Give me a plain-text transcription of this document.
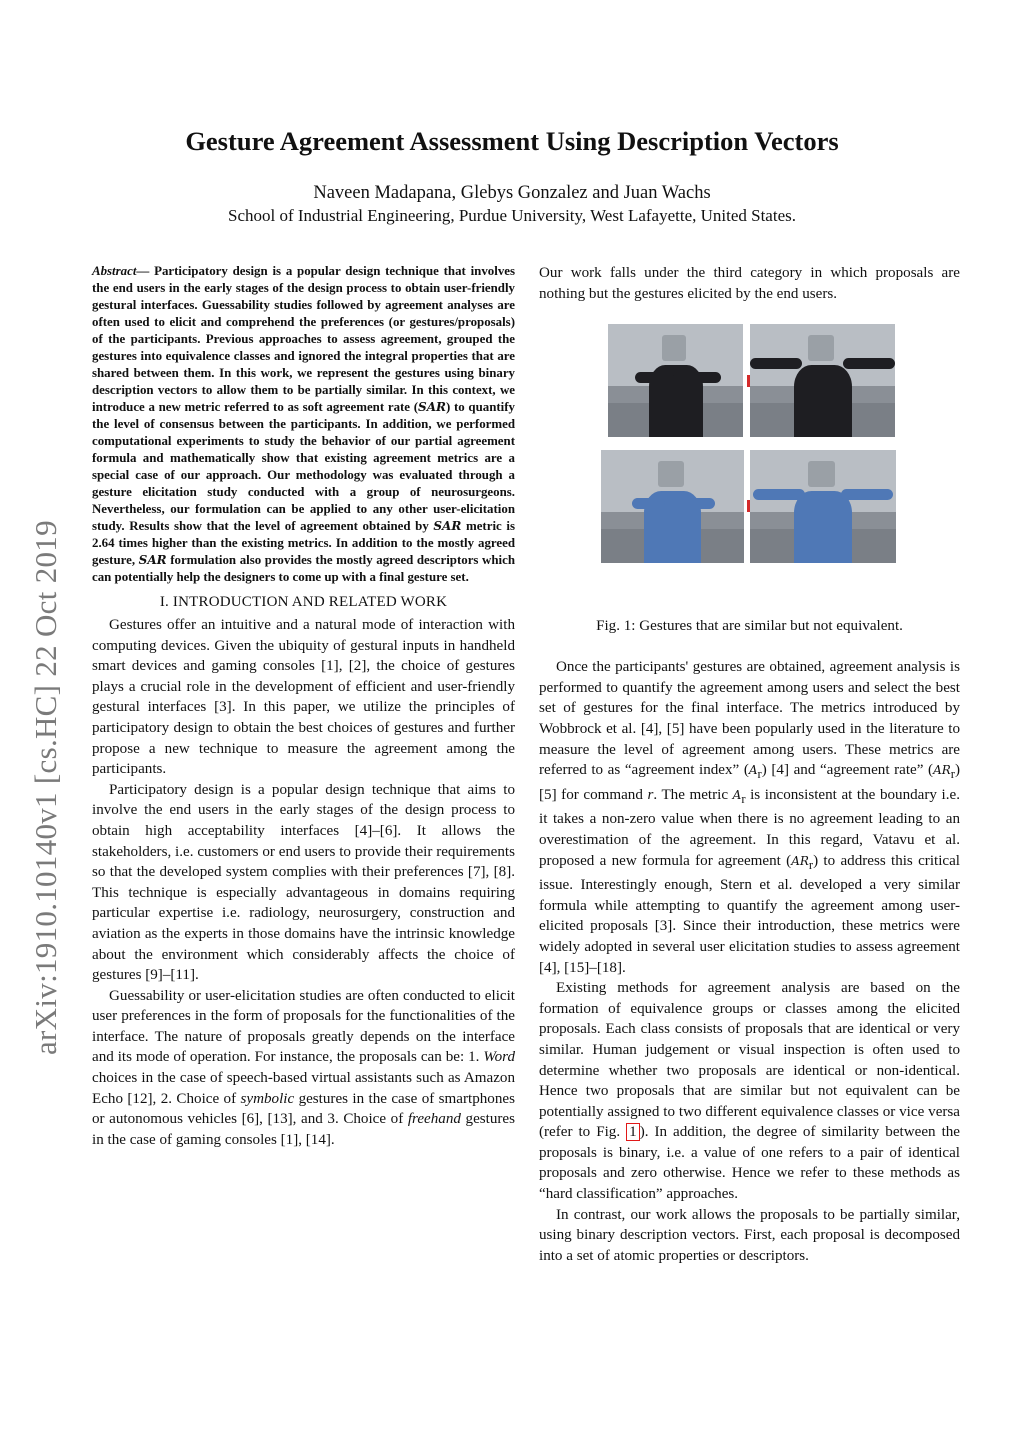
arXiv:1910.10140v1 [cs.HC] 22 Oct 2019
Gesture Agreement Assessment Using Description Vectors
Naveen Madapana, Glebys Gonzalez and Juan Wachs
School of Industrial Engineering, Purdue University, West Lafayette, United States.

Abstract— Participatory design is a popular design technique that involves the end users in the early stages of the design process to obtain user-friendly gestural interfaces. Guessability studies followed by agreement analyses are often used to elicit and comprehend the preferences (or gestures/proposals) of the participants. Previous approaches to assess agreement, grouped the gestures into equivalence classes and ignored the integral properties that are shared between them. In this work, we represent the gestures using binary description vectors to allow them to be partially similar. In this context, we introduce a new metric referred to as soft agreement rate (SAR) to quantify the level of consensus between the participants. In addition, we performed computational experiments to study the behavior of our partial agreement formula and mathematically show that existing agreement metrics are a special case of our approach. Our methodology was evaluated through a gesture elicitation study conducted with a group of neurosurgeons. Nevertheless, our formulation can be applied to any other user-elicitation study. Results show that the level of agreement obtained by SAR metric is 2.64 times higher than the existing metrics. In addition to the mostly agreed gesture, SAR formulation also provides the mostly agreed descriptors which can potentially help the designers to come up with a final gesture set.

I. INTRODUCTION AND RELATED WORK

Gestures offer an intuitive and a natural mode of interaction with computing devices. Given the ubiquity of gestural inputs in handheld smart devices and gaming consoles [1], [2], the choice of gestures plays a crucial role in the development of efficient and user-friendly gestural interfaces [3]. In this paper, we utilize the principles of participatory design to obtain the best choices of gestures and further propose a new technique to measure the agreement among the participants.

Participatory design is a popular design technique that aims to involve the end users in the early stages of the design process to obtain high acceptability interfaces [4]–[6]. It allows the stakeholders, i.e. customers or end users to provide their requirements so that the developed system complies with their preferences [7], [8]. This technique is especially advantageous in domains requiring particular expertise i.e. radiology, neurosurgery, construction and aviation as the experts in those domains have the intrinsic knowledge about the environment which considerably affects the choice of gestures [9]–[11].

Guessability or user-elicitation studies are often conducted to elicit user preferences in the form of proposals for the functionalities of the interface. The nature of proposals greatly depends on the interface and its mode of operation. For instance, the proposals can be: 1. Word choices in the case of speech-based virtual assistants such as Amazon Echo [12], 2. Choice of symbolic gestures in the case of smartphones or autonomous vehicles [6], [13], and 3. Choice of freehand gestures in the case of gaming consoles [1], [14].

Our work falls under the third category in which proposals are nothing but the gestures elicited by the end users.

Fig. 1: Gestures that are similar but not equivalent.

Once the participants' gestures are obtained, agreement analysis is performed to quantify the agreement among users and select the best set of gestures for the final interface. The metrics introduced by Wobbrock et al. [4], [5] have been popularly used in the literature to measure the level of agreement among users. These metrics are referred to as “agreement index” $(A_r)$ [4] and “agreement rate” $(AR_r)$ [5] for command r. The metric $A_r$ is inconsistent at the boundary i.e. it takes a non-zero value when there is no agreement leading to an overestimation of the agreement. In this regard, Vatavu et al. proposed a new formula for agreement $(AR_r)$ to address this critical issue. Interestingly enough, Stern et al. developed a very similar formula while attempting to quantify the agreement among user-elicited proposals [3]. Since their introduction, these metrics were widely adopted in several user elicitation studies to assess agreement [4], [15]–[18].

Existing methods for agreement analysis are based on the formation of equivalence groups or classes among the elicited proposals. Each class consists of proposals that are identical or very similar. Human judgement or visual inspection is often used to determine whether two proposals are identical or non-identical. Hence two proposals that are similar but not equivalent can be potentially assigned to two different equivalence classes or vice versa (refer to Fig. 1 ). In addition, the degree of similarity between the proposals is binary, i.e. a value of one refers to a pair of identical proposals and zero otherwise. Hence we refer to these methods as “hard classification” approaches.

In contrast, our work allows the proposals to be partially similar, using binary description vectors. First, each proposal is decomposed into a set of atomic properties or descriptors.
